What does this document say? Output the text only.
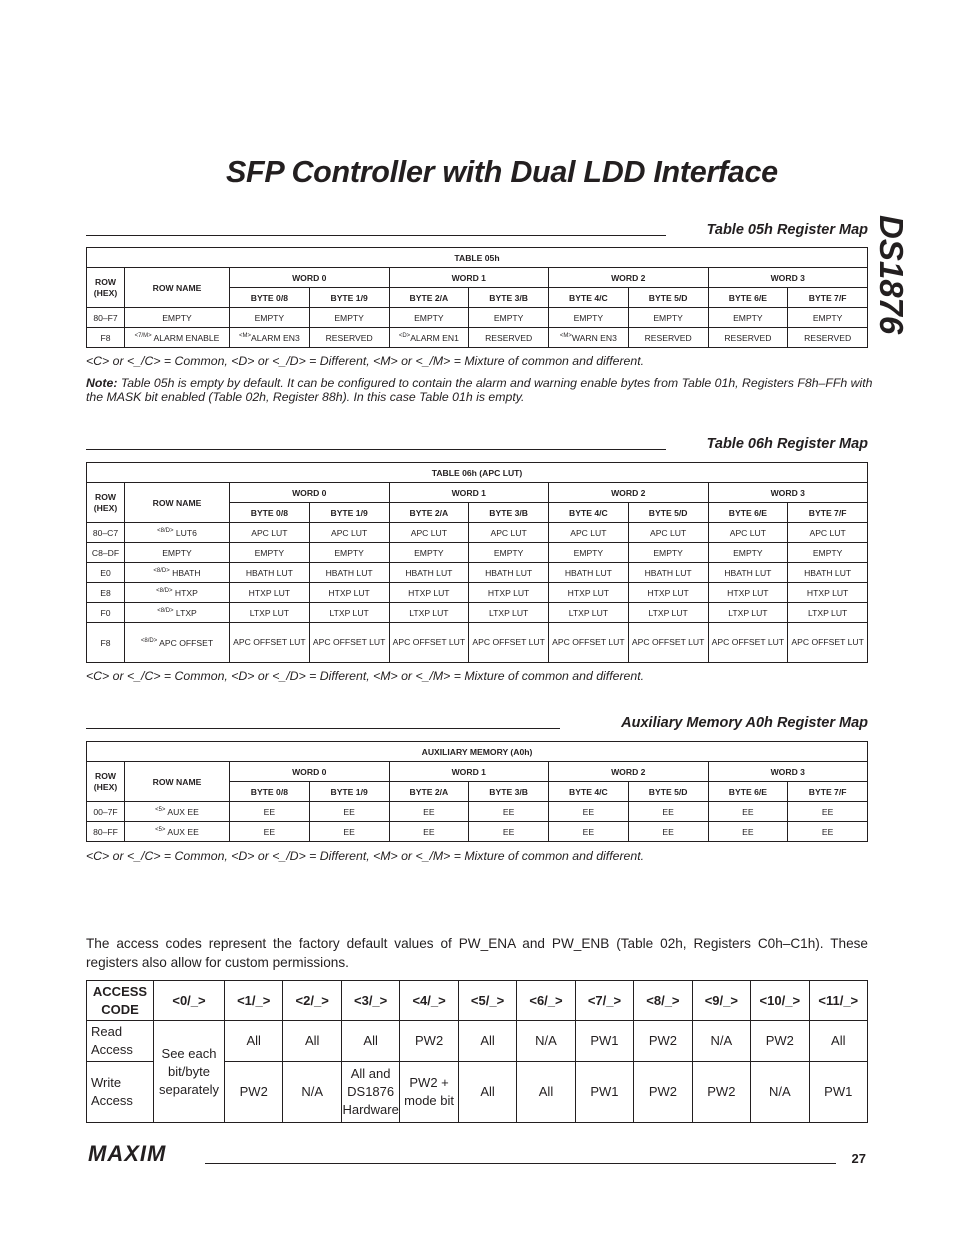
SFP Controller with Dual LDD Interface
DS1876
Table 05h Register Map
TABLE 05h									
ROW (HEX)	ROW NAME	WORD 0		WORD 1		WORD 2		WORD 3	
		BYTE 0/8	BYTE 1/9	BYTE 2/A	BYTE 3/B	BYTE 4/C	BYTE 5/D	BYTE 6/E	BYTE 7/F
80–F7	EMPTY	EMPTY	EMPTY	EMPTY	EMPTY	EMPTY	EMPTY	EMPTY	EMPTY
F8	$^{<7/M>}$ ALARM ENABLE	$^{<M>}$ALARM EN3	RESERVED	$^{<D>}$ALARM EN1	RESERVED	$^{<M>}$WARN EN3	RESERVED	RESERVED	RESERVED
<C> or <_/C> = Common, <D> or <_/D> = Different, <M> or <_/M> = Mixture of common and different.
Note: Table 05h is empty by default. It can be configured to contain the alarm and warning enable bytes from Table 01h, Registers F8h–FFh with the MASK bit enabled (Table 02h, Register 88h). In this case Table 01h is empty.
Table 06h Register Map
TABLE 06h (APC LUT)									
ROW (HEX)	ROW NAME	WORD 0		WORD 1		WORD 2		WORD 3	
		BYTE 0/8	BYTE 1/9	BYTE 2/A	BYTE 3/B	BYTE 4/C	BYTE 5/D	BYTE 6/E	BYTE 7/F
80–C7	$^{<8/D>}$ LUT6	APC LUT	APC LUT	APC LUT	APC LUT	APC LUT	APC LUT	APC LUT	APC LUT
C8–DF	EMPTY	EMPTY	EMPTY	EMPTY	EMPTY	EMPTY	EMPTY	EMPTY	EMPTY
E0	$^{<8/D>}$ HBATH	HBATH LUT	HBATH LUT	HBATH LUT	HBATH LUT	HBATH LUT	HBATH LUT	HBATH LUT	HBATH LUT
E8	$^{<8/D>}$ HTXP	HTXP LUT	HTXP LUT	HTXP LUT	HTXP LUT	HTXP LUT	HTXP LUT	HTXP LUT	HTXP LUT
F0	$^{<8/D>}$ LTXP	LTXP LUT	LTXP LUT	LTXP LUT	LTXP LUT	LTXP LUT	LTXP LUT	LTXP LUT	LTXP LUT
F8	$^{<8/D>}$ APC OFFSET	APC OFFSET LUT	APC OFFSET LUT	APC OFFSET LUT	APC OFFSET LUT	APC OFFSET LUT	APC OFFSET LUT	APC OFFSET LUT	APC OFFSET LUT
<C> or <_/C> = Common, <D> or <_/D> = Different, <M> or <_/M> = Mixture of common and different.
Auxiliary Memory A0h Register Map
AUXILIARY MEMORY (A0h)									
ROW (HEX)	ROW NAME	WORD 0		WORD 1		WORD 2		WORD 3	
		BYTE 0/8	BYTE 1/9	BYTE 2/A	BYTE 3/B	BYTE 4/C	BYTE 5/D	BYTE 6/E	BYTE 7/F
00–7F	$^{<5>}$ AUX EE	EE	EE	EE	EE	EE	EE	EE	EE
80–FF	$^{<5>}$ AUX EE	EE	EE	EE	EE	EE	EE	EE	EE
<C> or <_/C> = Common, <D> or <_/D> = Different, <M> or <_/M> = Mixture of common and different.
The access codes represent the factory default values of PW_ENA and PW_ENB (Table 02h, Registers C0h–C1h). These registers also allow for custom permissions.
ACCESS CODE	<0/_>	<1/_>	<2/_>	<3/_>	<4/_>	<5/_>	<6/_>	<7/_>	<8/_>	<9/_>	<10/_>	<11/_>
Read Access	See each bit/byte separately	All	All	All	PW2	All	N/A	PW1	PW2	N/A	PW2	All
Write Access		PW2	N/A	All and DS1876 Hardware	PW2 + mode bit	All	All	PW1	PW2	PW2	N/A	PW1
MAXIM	27
